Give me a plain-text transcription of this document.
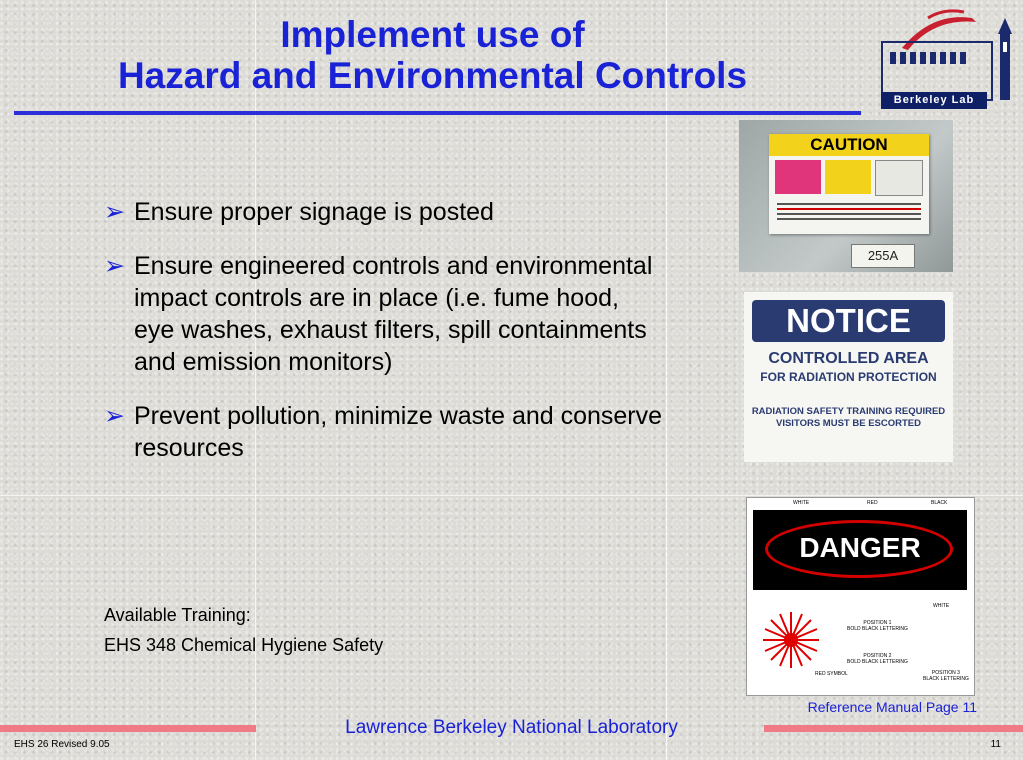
Implement use of
Hazard and Environmental Controls
Berkeley Lab
➢ Ensure proper signage is posted
➢ Ensure engineered controls and environmental impact controls are in place (i.e. fume hood, eye washes, exhaust filters, spill containments and emission monitors)
➢ Prevent pollution, minimize waste and conserve resources
Available Training:
EHS 348 Chemical Hygiene Safety
CAUTION
255A
NOTICE
CONTROLLED AREA
FOR RADIATION PROTECTION
RADIATION SAFETY TRAINING REQUIRED
VISITORS MUST BE ESCORTED
WHITE	RED	BLACK
DANGER
WHITE
POSITION 1
BOLD BLACK LETTERING
POSITION 2
BOLD BLACK LETTERING
RED SYMBOL	POSITION 3
BLACK LETTERING
Reference Manual Page 11
Lawrence Berkeley National Laboratory
EHS 26 Revised 9.05	11
